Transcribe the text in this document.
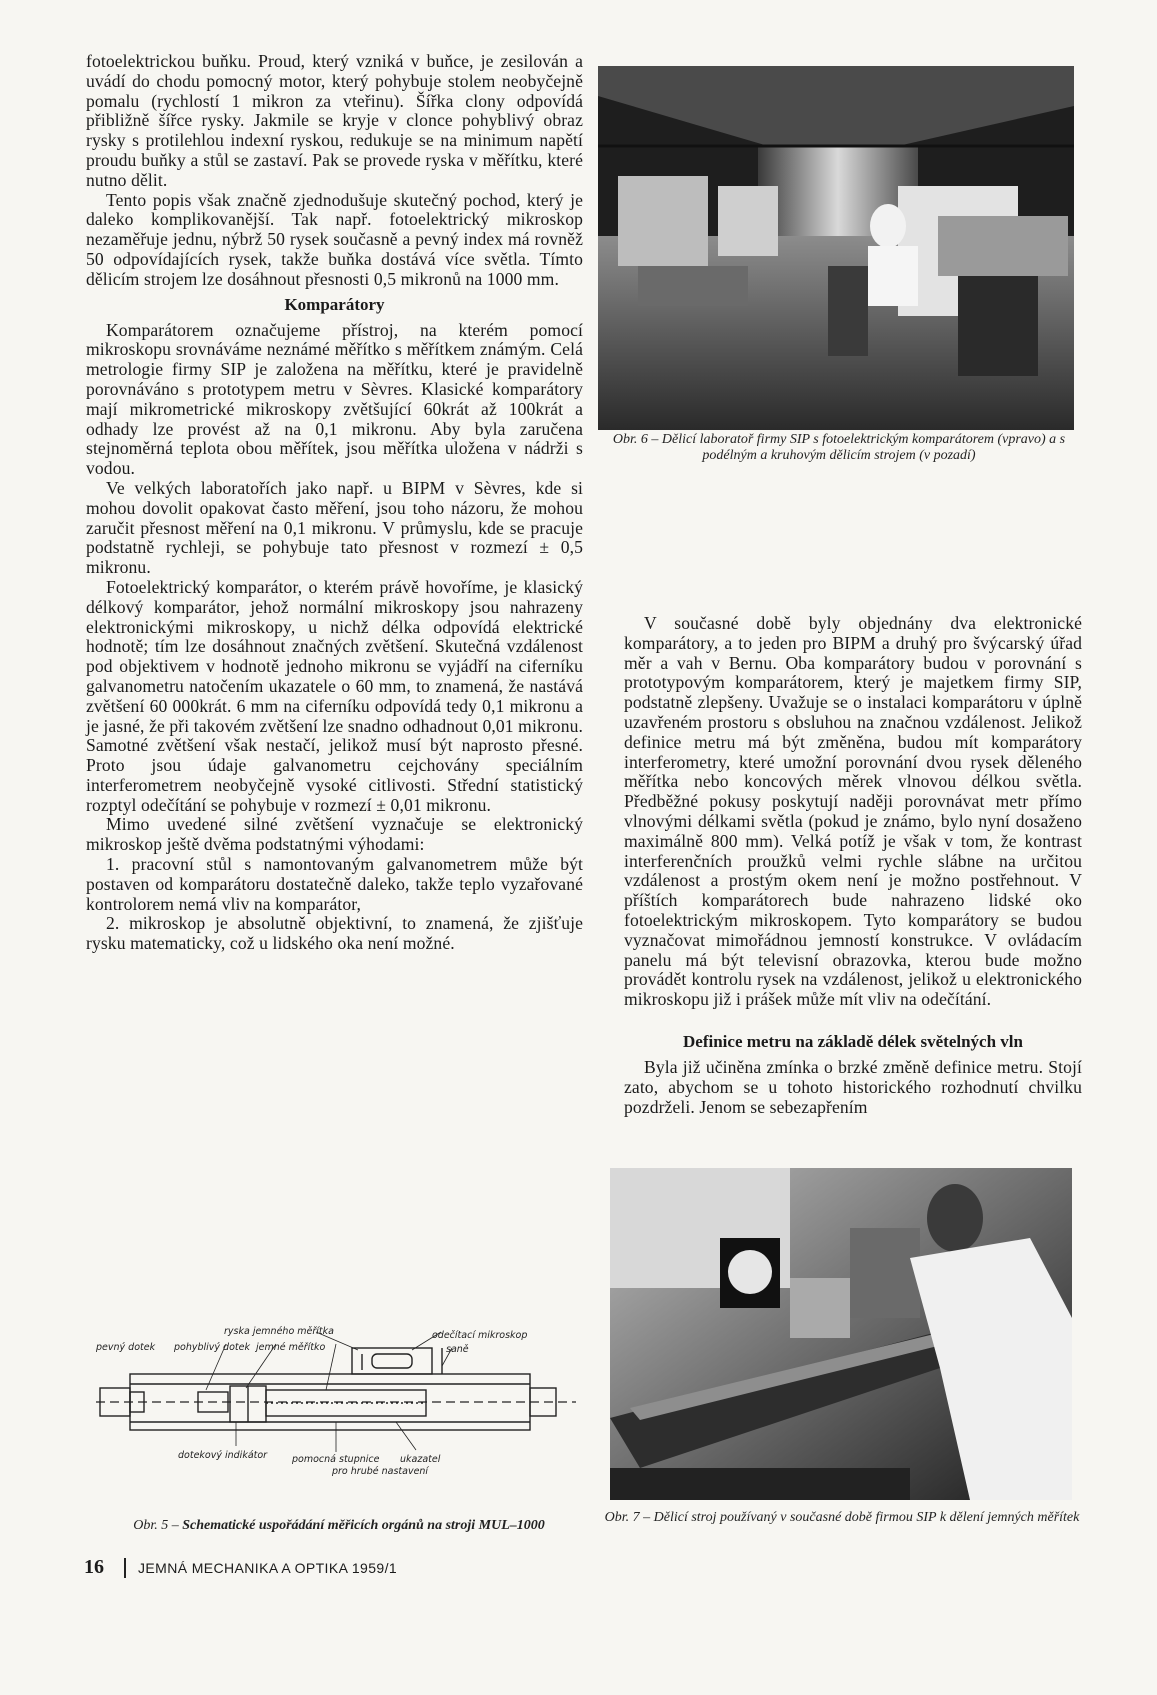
fotoelektrickou buňku. Proud, který vzniká v buňce, je zesilován a uvádí do chodu pomocný motor, který pohybuje stolem neobyčejně pomalu (rychlostí 1 mikron za vteřinu). Šířka clony odpovídá přibližně šířce rysky. Jakmile se kryje v clonce pohyblivý obraz rysky s protilehlou indexní ryskou, redukuje se na minimum napětí proudu buňky a stůl se zastaví. Pak se provede ryska v měřítku, které nutno dělit.

Tento popis však značně zjednodušuje skutečný pochod, který je daleko komplikovanější. Tak např. fotoelektrický mikroskop nezaměřuje jednu, nýbrž 50 rysek současně a pevný index má rovněž 50 odpovídajících rysek, takže buňka dostává více světla. Tímto dělicím strojem lze dosáhnout přesnosti 0,5 mikronů na 1000 mm.

Komparátory

Komparátorem označujeme přístroj, na kterém pomocí mikroskopu srovnáváme neznámé měřítko s měřítkem známým. Celá metrologie firmy SIP je založena na měřítku, které je pravidelně porovnáváno s prototypem metru v Sèvres. Klasické komparátory mají mikrometrické mikroskopy zvětšující 60krát až 100krát a odhady lze provést až na 0,1 mikronu. Aby byla zaručena stejnoměrná teplota obou měřítek, jsou měřítka uložena v nádrži s vodou.

Ve velkých laboratořích jako např. u BIPM v Sèvres, kde si mohou dovolit opakovat často měření, jsou toho názoru, že mohou zaručit přesnost měření na 0,1 mikronu. V průmyslu, kde se pracuje podstatně rychleji, se pohybuje tato přesnost v rozmezí ± 0,5 mikronu.

Fotoelektrický komparátor, o kterém právě hovoříme, je klasický délkový komparátor, jehož normální mikroskopy jsou nahrazeny elektronickými mikroskopy, u nichž délka odpovídá elektrické hodnotě; tím lze dosáhnout značných zvětšení. Skutečná vzdálenost pod objektivem v hodnotě jednoho mikronu se vyjádří na ciferníku galvanometru natočením ukazatele o 60 mm, to znamená, že nastává zvětšení 60 000krát. 6 mm na ciferníku odpovídá tedy 0,1 mikronu a je jasné, že při takovém zvětšení lze snadno odhadnout 0,01 mikronu. Samotné zvětšení však nestačí, jelikož musí být naprosto přesné. Proto jsou údaje galvanometru cejchovány speciálním interferometrem neobyčejně vysoké citlivosti. Střední statistický rozptyl odečítání se pohybuje v rozmezí ± 0,01 mikronu.

Mimo uvedené silné zvětšení vyznačuje se elektronický mikroskop ještě dvěma podstatnými výhodami:

1. pracovní stůl s namontovaným galvanometrem může být postaven od komparátoru dostatečně daleko, takže teplo vyzařované kontrolorem nemá vliv na komparátor,

2. mikroskop je absolutně objektivní, to znamená, že zjišťuje rysku matematicky, což u lidského oka není možné.

ryska jemného měřítka	odečítací mikroskop
pevný dotek pohyblivý dotek jemné měřítko	saně
dotekový indikátor	pomocná stupnice ukazatel
pro hrubé nastavení
Obr. 5 – Schematické uspořádání měřicích orgánů na stroji MUL–1000
Obr. 6 – Dělicí laboratoř firmy SIP s fotoelektrickým komparátorem (vpravo) a s podélným a kruhovým dělicím strojem (v pozadí)

V současné době byly objednány dva elektronické komparátory, a to jeden pro BIPM a druhý pro švýcarský úřad měr a vah v Bernu. Oba komparátory budou v porovnání s prototypovým komparátorem, který je majetkem firmy SIP, podstatně zlepšeny. Uvažuje se o instalaci komparátoru v úplně uzavřeném prostoru s obsluhou na značnou vzdálenost. Jelikož definice metru má být změněna, budou mít komparátory interferometry, které umožní porovnání dvou rysek děleného měřítka nebo koncových měrek vlnovou délkou světla. Předběžné pokusy poskytují naději porovnávat metr přímo vlnovými délkami světla (pokud je známo, bylo nyní dosaženo maximálně 800 mm). Velká potíž je však v tom, že kontrast interferenčních proužků velmi rychle slábne na určitou vzdálenost a prostým okem není je možno postřehnout. V příštích komparátorech bude nahrazeno lidské oko fotoelektrickým mikroskopem. Tyto komparátory se budou vyznačovat mimořádnou jemností konstrukce. V ovládacím panelu má být televisní obrazovka, kterou bude možno provádět kontrolu rysek na vzdálenost, jelikož u elektronického mikroskopu již i prášek může mít vliv na odečítání.

Definice metru na základě délek světelných vln

Byla již učiněna zmínka o brzké změně definice metru. Stojí zato, abychom se u tohoto historického rozhodnutí chvilku pozdrželi. Jenom se sebezapřením

Obr. 7 – Dělicí stroj používaný v současné době firmou SIP k dělení jemných měřítek
16 JEMNÁ MECHANIKA A OPTIKA 1959/1
